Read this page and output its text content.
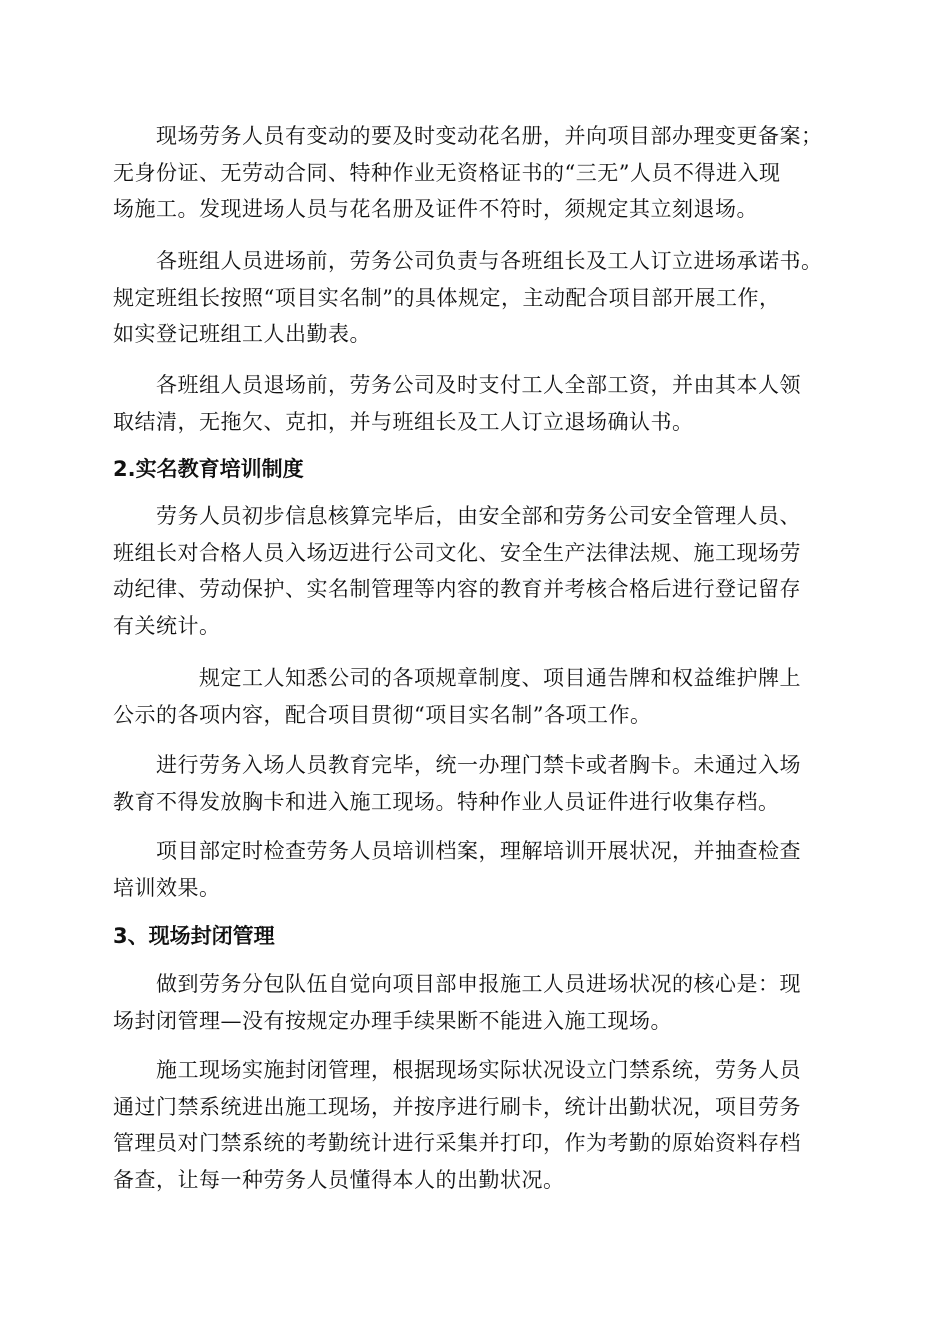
　　现场劳务人员有变动的要及时变动花名册，并向项目部办理变更备案；
无身份证、无劳动合同、特种作业无资格证书的“三无”人员不得进入现
场施工。发现进场人员与花名册及证件不符时，须规定其立刻退场。
　　各班组人员进场前，劳务公司负责与各班组长及工人订立进场承诺书。
规定班组长按照“项目实名制”的具体规定，主动配合项目部开展工作，
如实登记班组工人出勤表。
　　各班组人员退场前，劳务公司及时支付工人全部工资，并由其本人领
取结清，无拖欠、克扣，并与班组长及工人订立退场确认书。
2.实名教育培训制度
　　劳务人员初步信息核算完毕后，由安全部和劳务公司安全管理人员、
班组长对合格人员入场迈进行公司文化、安全生产法律法规、施工现场劳
动纪律、劳动保护、实名制管理等内容的教育并考核合格后进行登记留存
有关统计。
　　　　规定工人知悉公司的各项规章制度、项目通告牌和权益维护牌上
公示的各项内容，配合项目贯彻“项目实名制”各项工作。
　　进行劳务入场人员教育完毕，统一办理门禁卡或者胸卡。未通过入场
教育不得发放胸卡和进入施工现场。特种作业人员证件进行收集存档。
　　项目部定时检查劳务人员培训档案，理解培训开展状况，并抽查检查
培训效果。
3、现场封闭管理
　　做到劳务分包队伍自觉向项目部申报施工人员进场状况的核心是：现
场封闭管理—没有按规定办理手续果断不能进入施工现场。
　　施工现场实施封闭管理，根据现场实际状况设立门禁系统，劳务人员
通过门禁系统进出施工现场，并按序进行刷卡，统计出勤状况，项目劳务
管理员对门禁系统的考勤统计进行采集并打印，作为考勤的原始资料存档
备查，让每一种劳务人员懂得本人的出勤状况。
